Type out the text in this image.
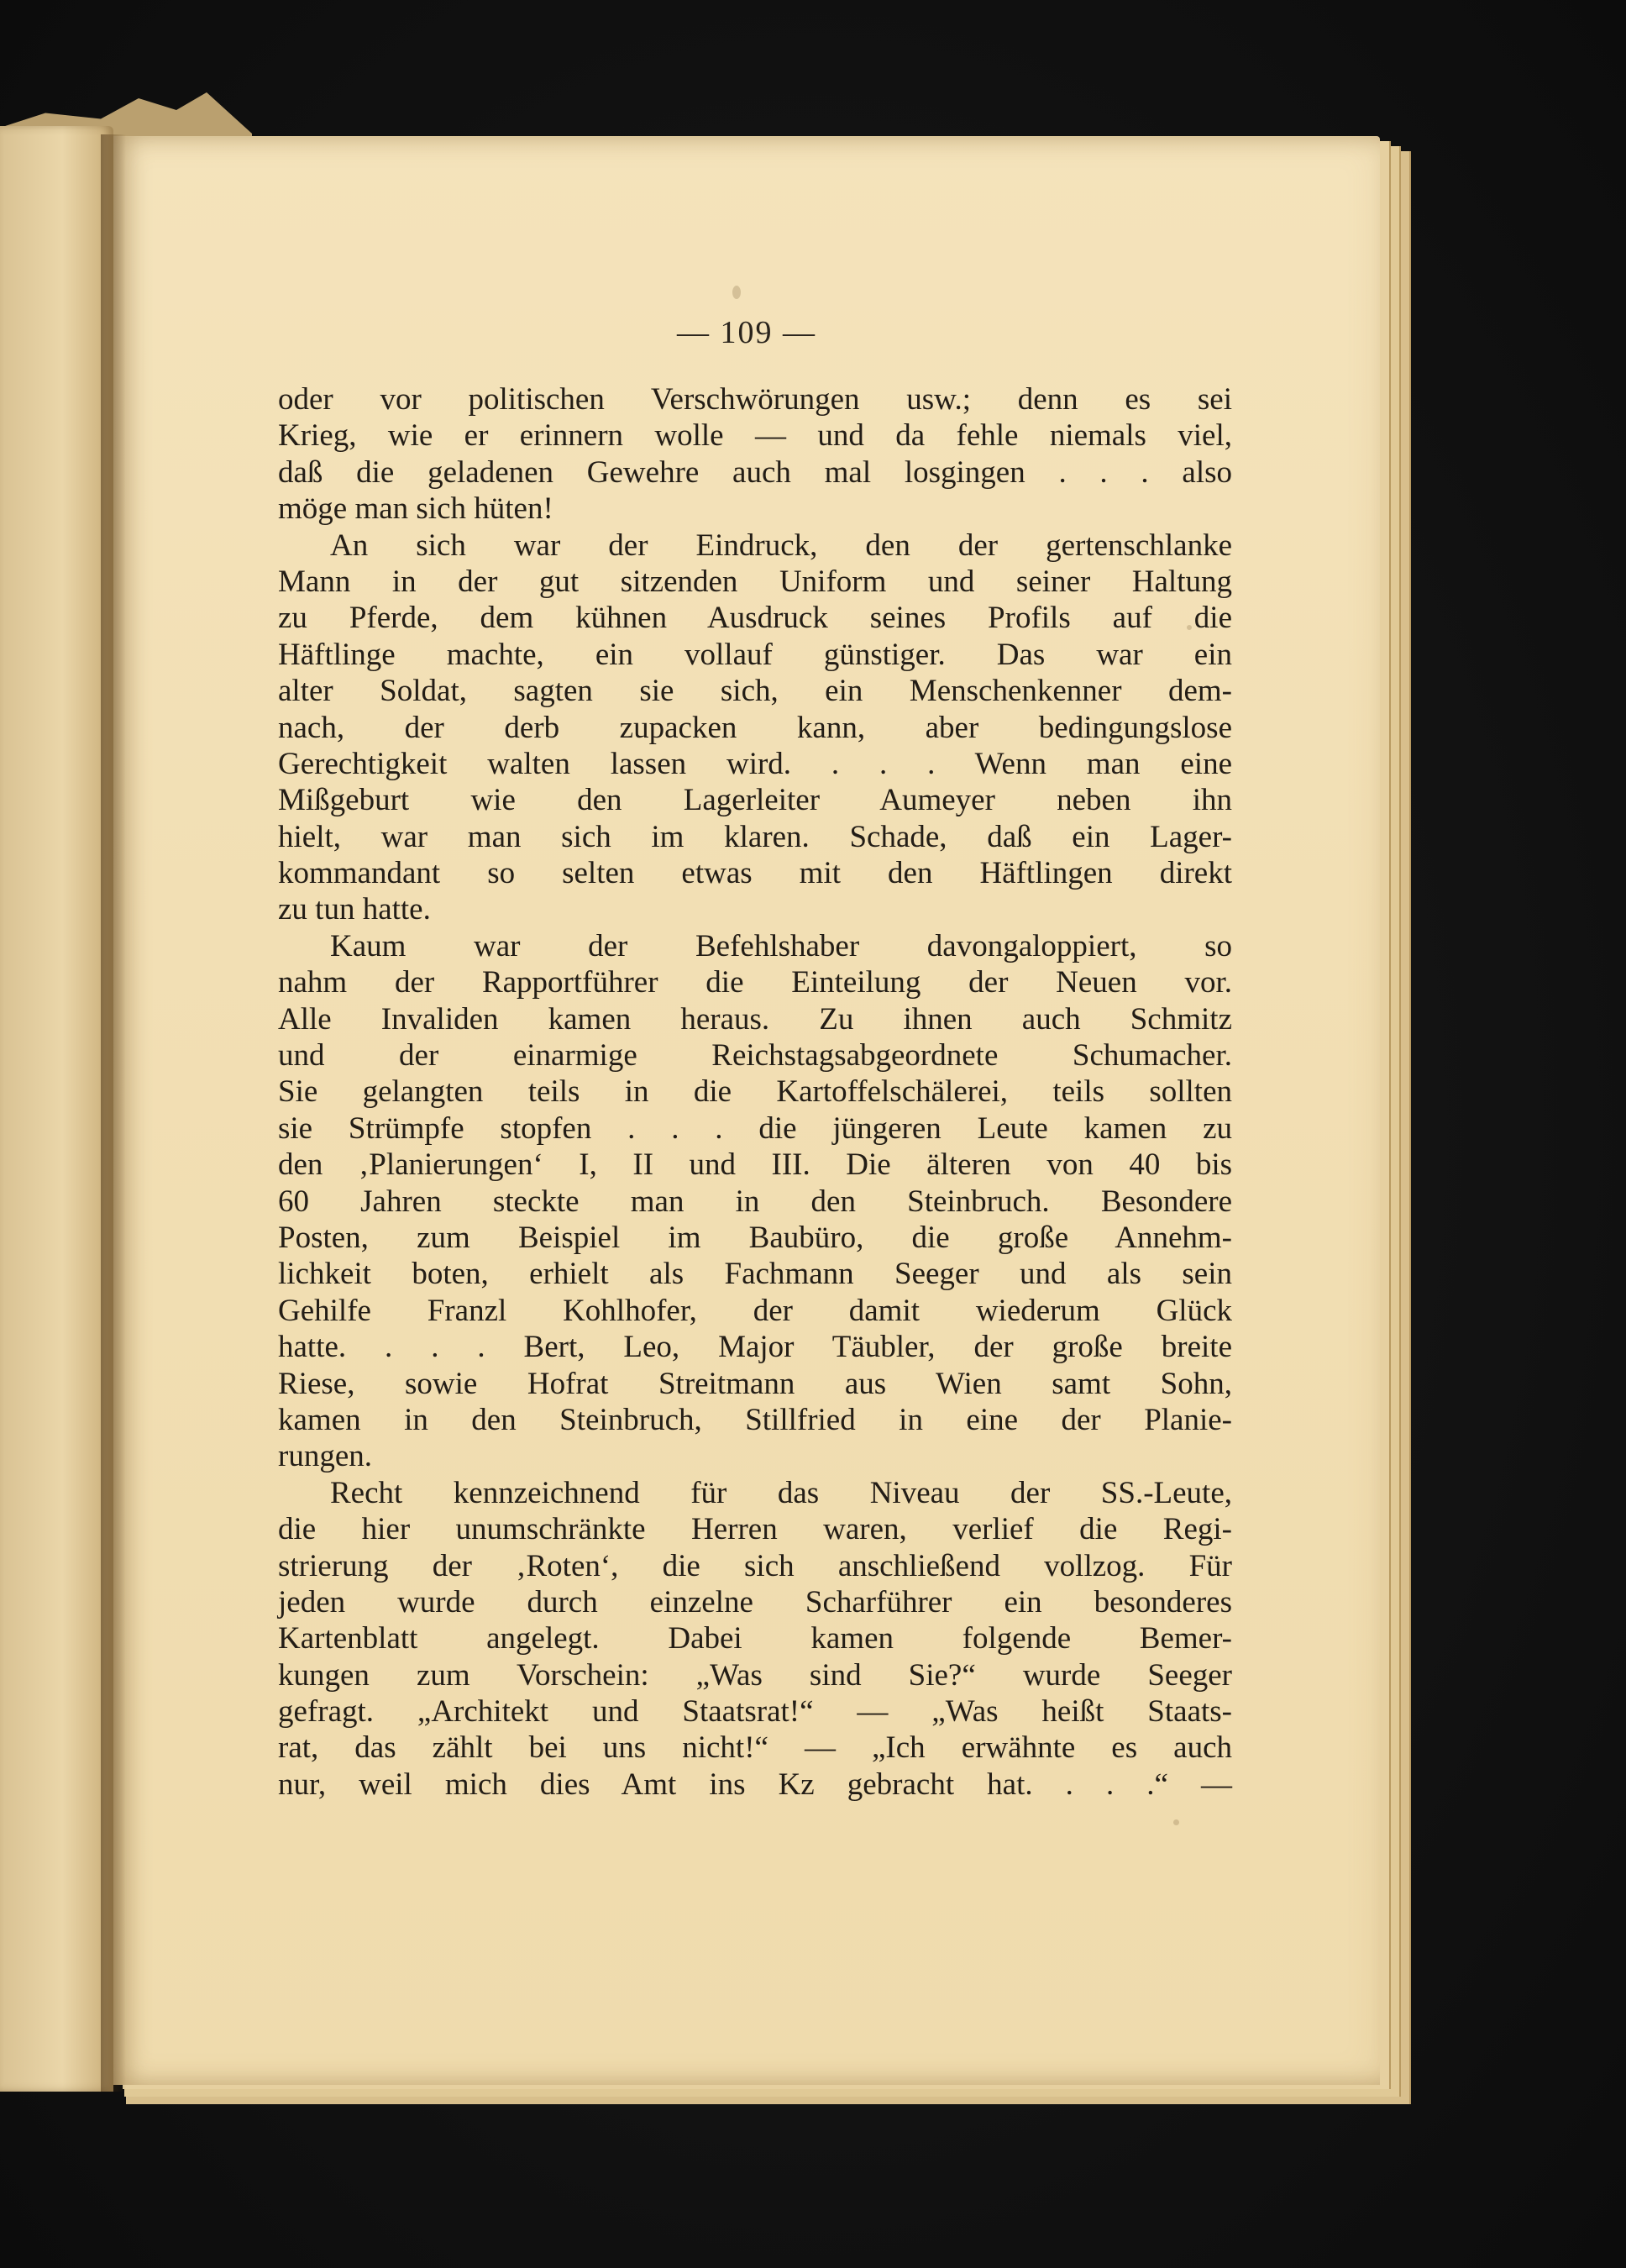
— 109 —
oder vor politischen Verschwörungen usw.; denn es sei
Krieg, wie er erinnern wolle — und da fehle niemals viel,
daß die geladenen Gewehre auch mal losgingen . . . also
möge man sich hüten!
An sich war der Eindruck, den der gertenschlanke
Mann in der gut sitzenden Uniform und seiner Haltung
zu Pferde, dem kühnen Ausdruck seines Profils auf die
Häftlinge machte, ein vollauf günstiger. Das war ein
alter Soldat, sagten sie sich, ein Menschenkenner dem-
nach, der derb zupacken kann, aber bedingungslose
Gerechtigkeit walten lassen wird. . . . Wenn man eine
Mißgeburt wie den Lagerleiter Aumeyer neben ihn
hielt, war man sich im klaren. Schade, daß ein Lager-
kommandant so selten etwas mit den Häftlingen direkt
zu tun hatte.
Kaum war der Befehlshaber davongaloppiert, so
nahm der Rapportführer die Einteilung der Neuen vor.
Alle Invaliden kamen heraus. Zu ihnen auch Schmitz
und der einarmige Reichstagsabgeordnete Schumacher.
Sie gelangten teils in die Kartoffelschälerei, teils sollten
sie Strümpfe stopfen . . . die jüngeren Leute kamen zu
den ‚Planierungen‘ I, II und III. Die älteren von 40 bis
60 Jahren steckte man in den Steinbruch. Besondere
Posten, zum Beispiel im Baubüro, die große Annehm-
lichkeit boten, erhielt als Fachmann Seeger und als sein
Gehilfe Franzl Kohlhofer, der damit wiederum Glück
hatte. . . . Bert, Leo, Major Täubler, der große breite
Riese, sowie Hofrat Streitmann aus Wien samt Sohn,
kamen in den Steinbruch, Stillfried in eine der Planie-
rungen.
Recht kennzeichnend für das Niveau der SS.-Leute,
die hier unumschränkte Herren waren, verlief die Regi-
strierung der ‚Roten‘, die sich anschließend vollzog. Für
jeden wurde durch einzelne Scharführer ein besonderes
Kartenblatt angelegt. Dabei kamen folgende Bemer-
kungen zum Vorschein: „Was sind Sie?“ wurde Seeger
gefragt. „Architekt und Staatsrat!“ — „Was heißt Staats-
rat, das zählt bei uns nicht!“ — „Ich erwähnte es auch
nur, weil mich dies Amt ins Kz gebracht hat. . . .“ —
